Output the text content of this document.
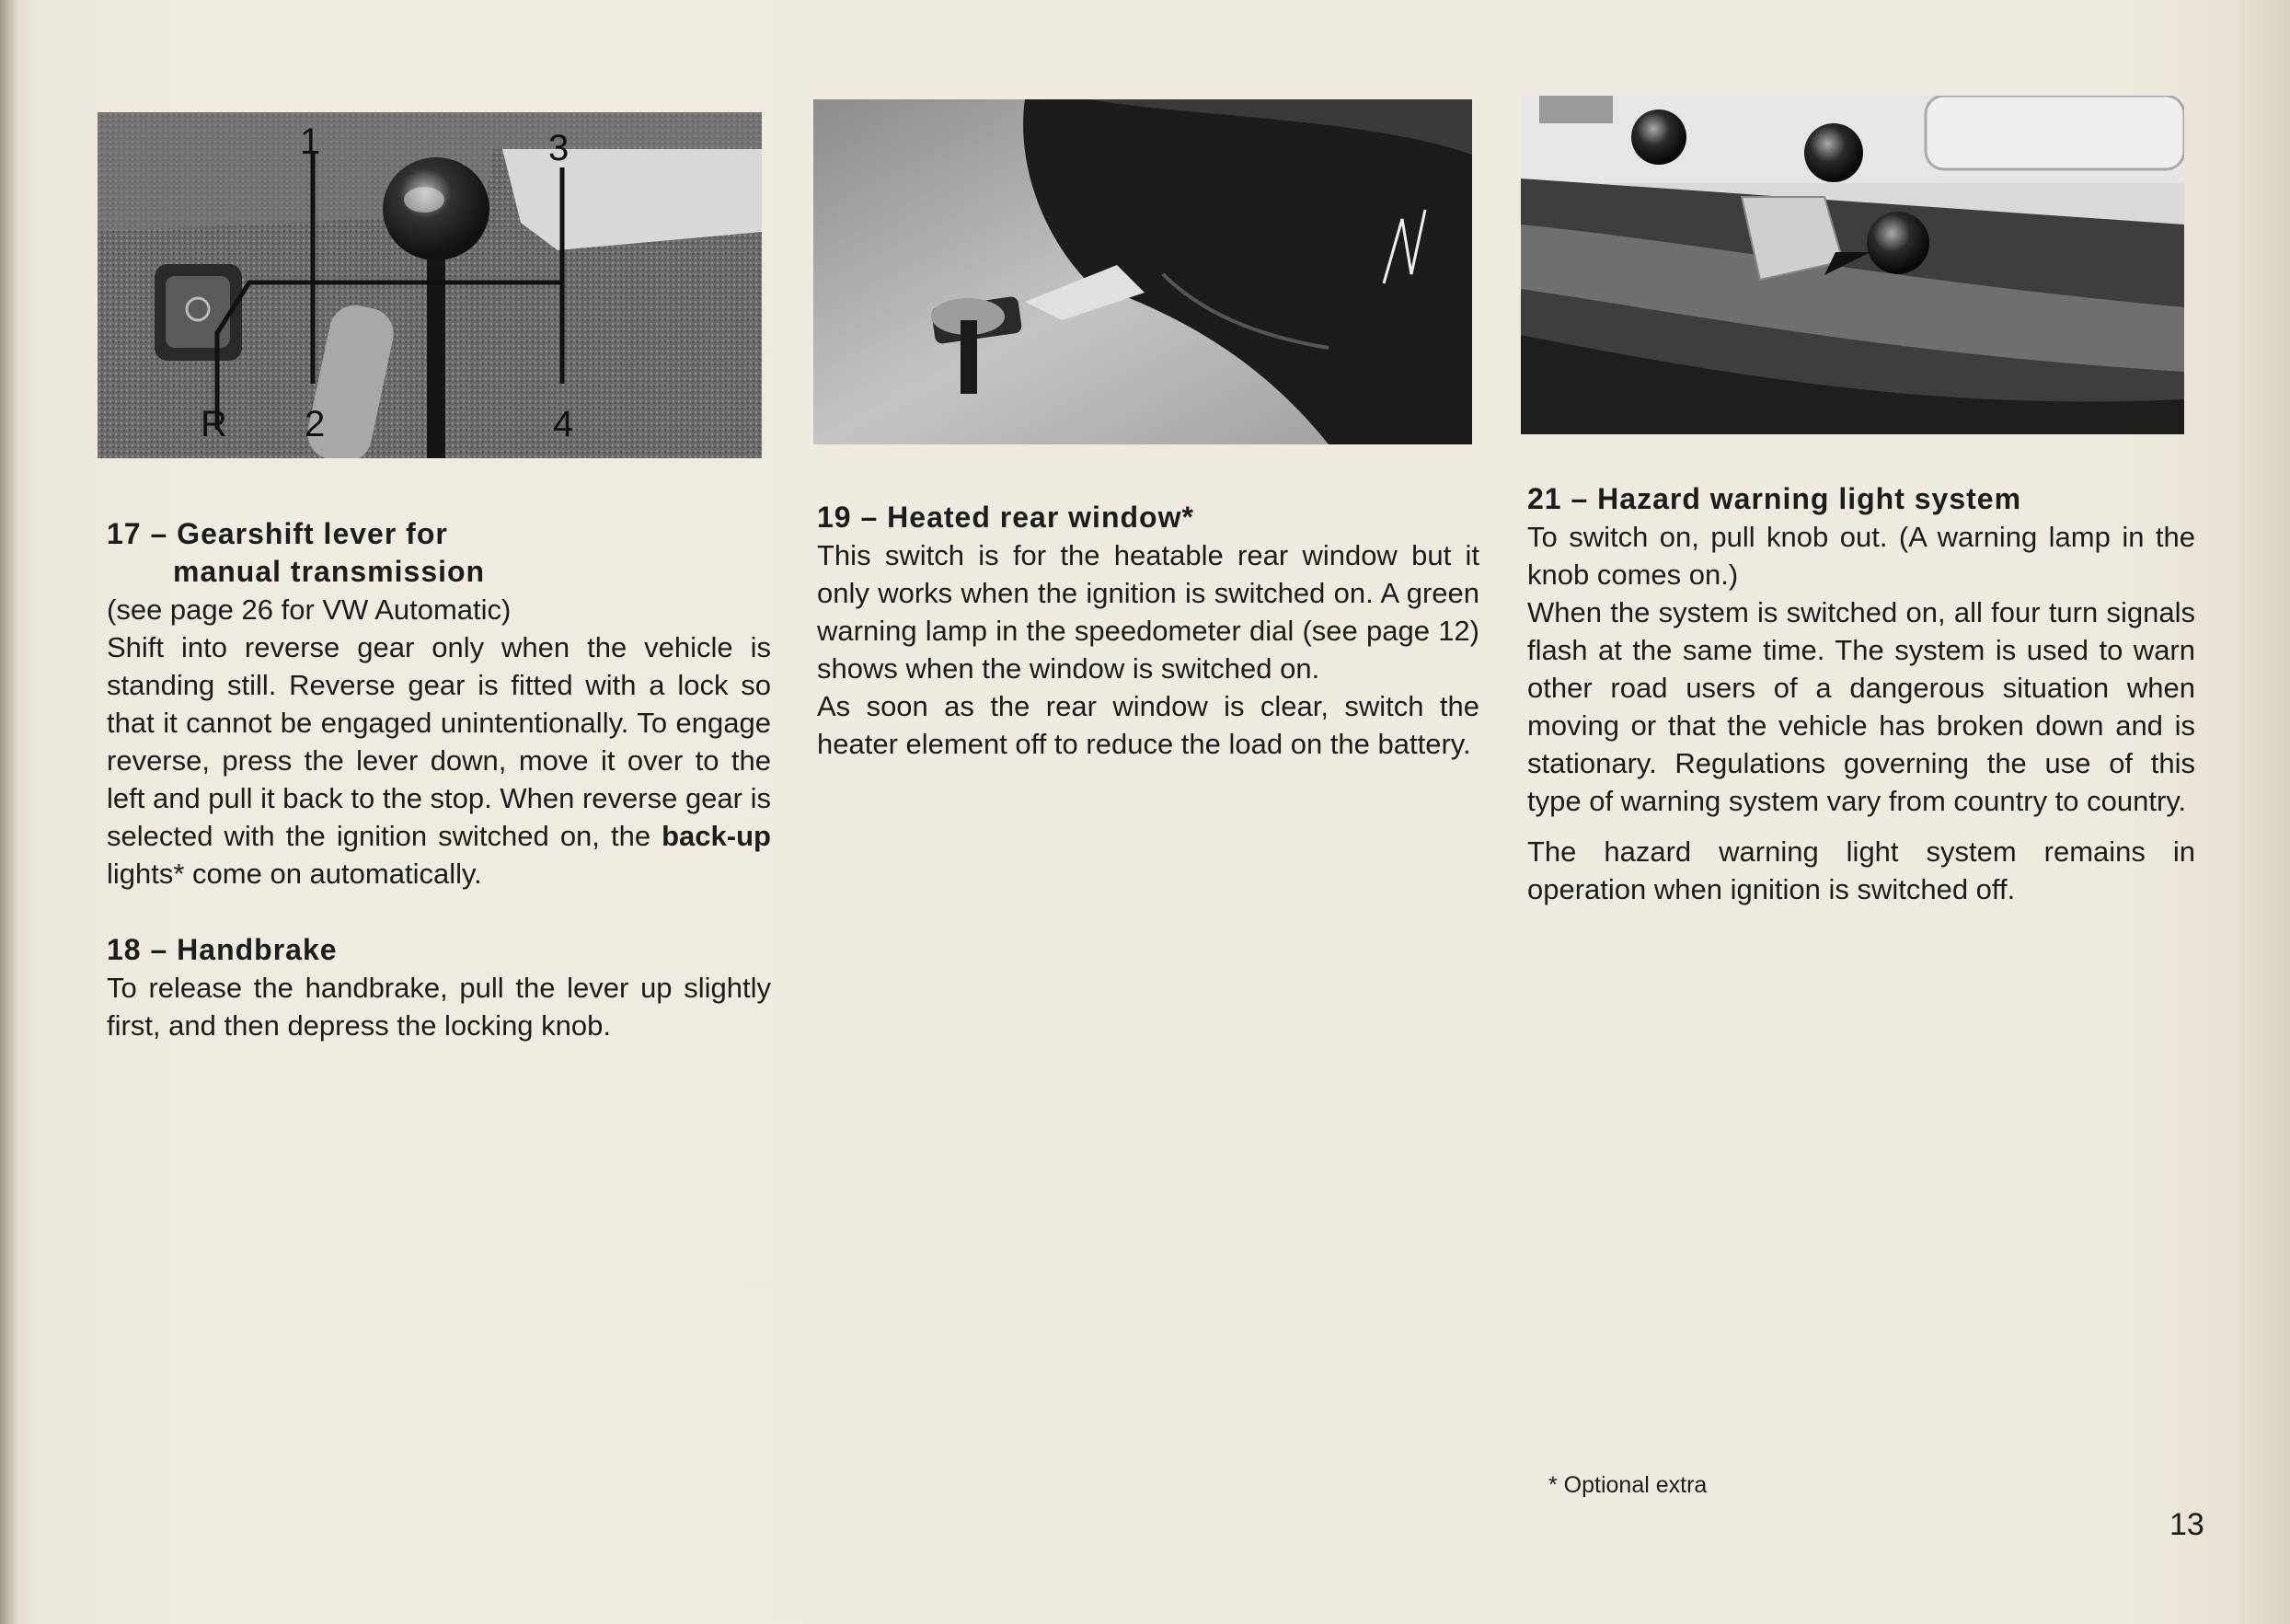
1	3
R 2	4

17 – Gearshift lever for

manual transmission

(see page 26 for VW Automatic)

Shift into reverse gear only when the vehicle is standing still. Reverse gear is fitted with a lock so that it cannot be engaged unintentionally. To engage reverse, press the lever down, move it over to the left and pull it back to the stop. When reverse gear is selected with the ignition switched on, the back-up lights* come on automatically.

18 – Handbrake

To release the handbrake, pull the lever up slightly first, and then depress the locking knob.

19 – Heated rear window*

This switch is for the heatable rear window but it only works when the ignition is switched on. A green warning lamp in the speedometer dial (see page 12) shows when the window is switched on.

As soon as the rear window is clear, switch the heater element off to reduce the load on the battery.

21 – Hazard warning light system

To switch on, pull knob out. (A warning lamp in the knob comes on.)

When the system is switched on, all four turn signals flash at the same time. The system is used to warn other road users of a dangerous situation when moving or that the vehicle has broken down and is stationary. Regulations governing the use of this type of warning system vary from country to country.

The hazard warning light system remains in operation when ignition is switched off.

* Optional extra
13
